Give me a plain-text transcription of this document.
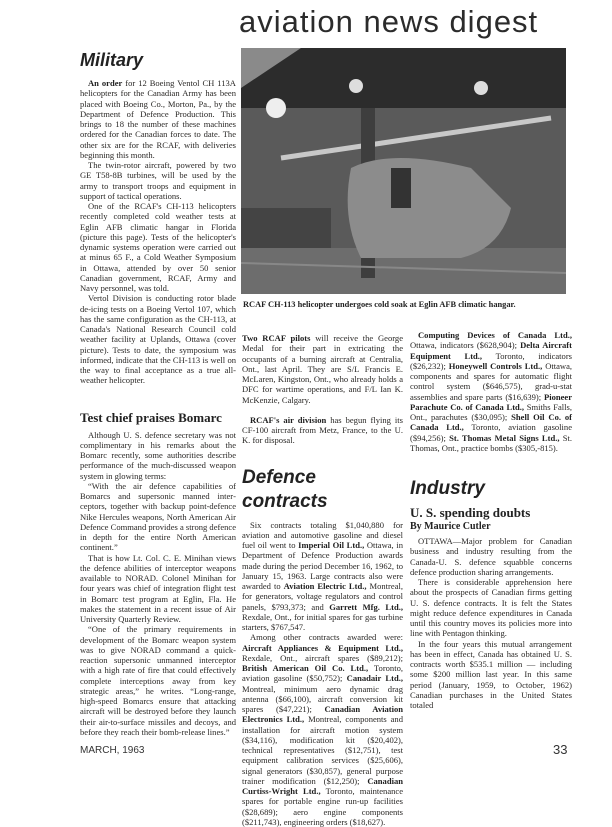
aviation news digest
RCAF CH-113 helicopter undergoes cold soak at Eglin AFB climatic hangar.
Military

An order for 12 Boeing Ventol CH 113A helicopters for the Canadian Army has been placed with Boeing Co., Morton, Pa., by the Department of Defence Production. This brings to 18 the number of these machines ordered for the Canadian forces to date. The other six are for the RCAF, with deliveries beginning this month.

The twin-rotor aircraft, powered by two GE T58-8B turbines, will be used by the army to transport troops and equipment in support of tactical operations.

One of the RCAF's CH-113 helicopters recently completed cold weather tests at Eglin AFB climatic hangar in Florida (picture this page). Tests of the helicopter's dynamic systems operation were carried out at minus 65 F., a Cold Weather Symposium in Ottawa, attended by over 50 senior Canadian government, RCAF, Army and Navy personnel, was told.

Vertol Division is conducting rotor blade de-icing tests on a Boeing Vertol 107, which has the same configuration as the CH-113, at Canada's National Research Council cold weather facility at Uplands, Ottawa (cover picture). Tests to date, the symposium was informed, indicate that the CH-113 is well on the way to final acceptance as a true all-weather helicopter.

Test chief praises Bomarc

Although U. S. defence secretary was not complimentary in his remarks about the Bomarc recently, some authorities describe performance of the much-discussed weapon system in glowing terms:

“With the air defence capabilities of Bomarcs and supersonic manned interceptors, together with backup point-defence Nike Hercules weapons, North American Air Defence Command provides a strong defence in depth for the entire North American continent.”

That is how Lt. Col. C. E. Minihan views the defence abilities of interceptor weapons available to NORAD. Colonel Minihan for four years was chief of integration flight test in Bomarc test program at Eglin, Fla. He makes the statement in a recent issue of Air University Quarterly Review.

“One of the primary requirements in development of the Bomarc weapon system was to give NORAD command a quick-reaction supersonic unmanned interceptor with a high rate of fire that could effectively complete interceptions away from key strategic areas,” he writes. “Long-range, high-speed Bomarcs ensure that attacking aircraft will be destroyed before they launch their air-to-surface missiles and decoys, and before they reach their bomb-release lines.”

Two RCAF pilots will receive the George Medal for their part in extricating the occupants of a burning aircraft at Centralia, Ont., last April. They are S/L Francis E. McLaren, Kingston, Ont., who already holds a DFC for wartime operations, and F/L Ian K. McKenzie, Calgary.

RCAF's air division has begun flying its CF-100 aircraft from Metz, France, to the U. K. for disposal.

Defence contracts

Six contracts totaling $1,040,880 for aviation and automotive gasoline and diesel fuel oil went to Imperial Oil Ltd., Ottawa, in Department of Defence Production awards made during the period December 16, 1962, to January 15, 1963. Large contracts also were awarded to Aviation Electric Ltd., Montreal, for generators, voltage regulators and control panels, $793,373; and Garrett Mfg. Ltd., Rexdale, Ont., for initial spares for gas turbine starters, $767,547.

Among other contracts awarded were: Aircraft Appliances & Equipment Ltd., Rexdale, Ont., aircraft spares ($89,212); British American Oil Co. Ltd., Toronto, aviation gasoline ($50,752); Canadair Ltd., Montreal, minimum aero dynamic drag antenna ($66,100), aircraft conversion kit spares ($47,221); Canadian Aviation Electronics Ltd., Montreal, components and installation for aircraft motion system ($34,116), modification kit ($20,402), technical representatives ($12,751), test equipment calibration services ($25,606), signal generators ($30,857), general purpose trainer modification ($12,250); Canadian Curtiss-Wright Ltd., Toronto, maintenance spares for portable engine run-up facilities ($28,689); aero engine components ($211,743), engineering orders ($18,627).

Computing Devices of Canada Ltd., Ottawa, indicators ($628,904); Delta Aircraft Equipment Ltd., Toronto, indicators ($26,232); Honeywell Controls Ltd., Ottawa, components and spares for automatic flight control system ($646,575), grad-u-stat assemblies and spare parts ($16,639); Pioneer Parachute Co. of Canada Ltd., Smiths Falls, Ont., parachutes ($30,095); Shell Oil Co. of Canada Ltd., Toronto, aviation gasoline ($94,256); St. Thomas Metal Signs Ltd., St. Thomas, Ont., practice bombs ($305,-815).

Industry
U. S. spending doubts
By Maurice Cutler

OTTAWA—Major problem for Canadian business and industry resulting from the Canada-U. S. defence squabble concerns defence production sharing arrangements.

There is considerable apprehension here about the prospects of Canadian firms getting U. S. defence contracts. It is felt the States might reduce defence expenditures in Canada until this country moves its policies more into line with Pentagon thinking.

In the four years this mutual arrangement has been in effect, Canada has obtained U. S. contracts worth $535.1 million — including some $200 million last year. In this same period (January, 1959, to October, 1962) Canadian purchases in the United States totaled

MARCH, 1963	33
